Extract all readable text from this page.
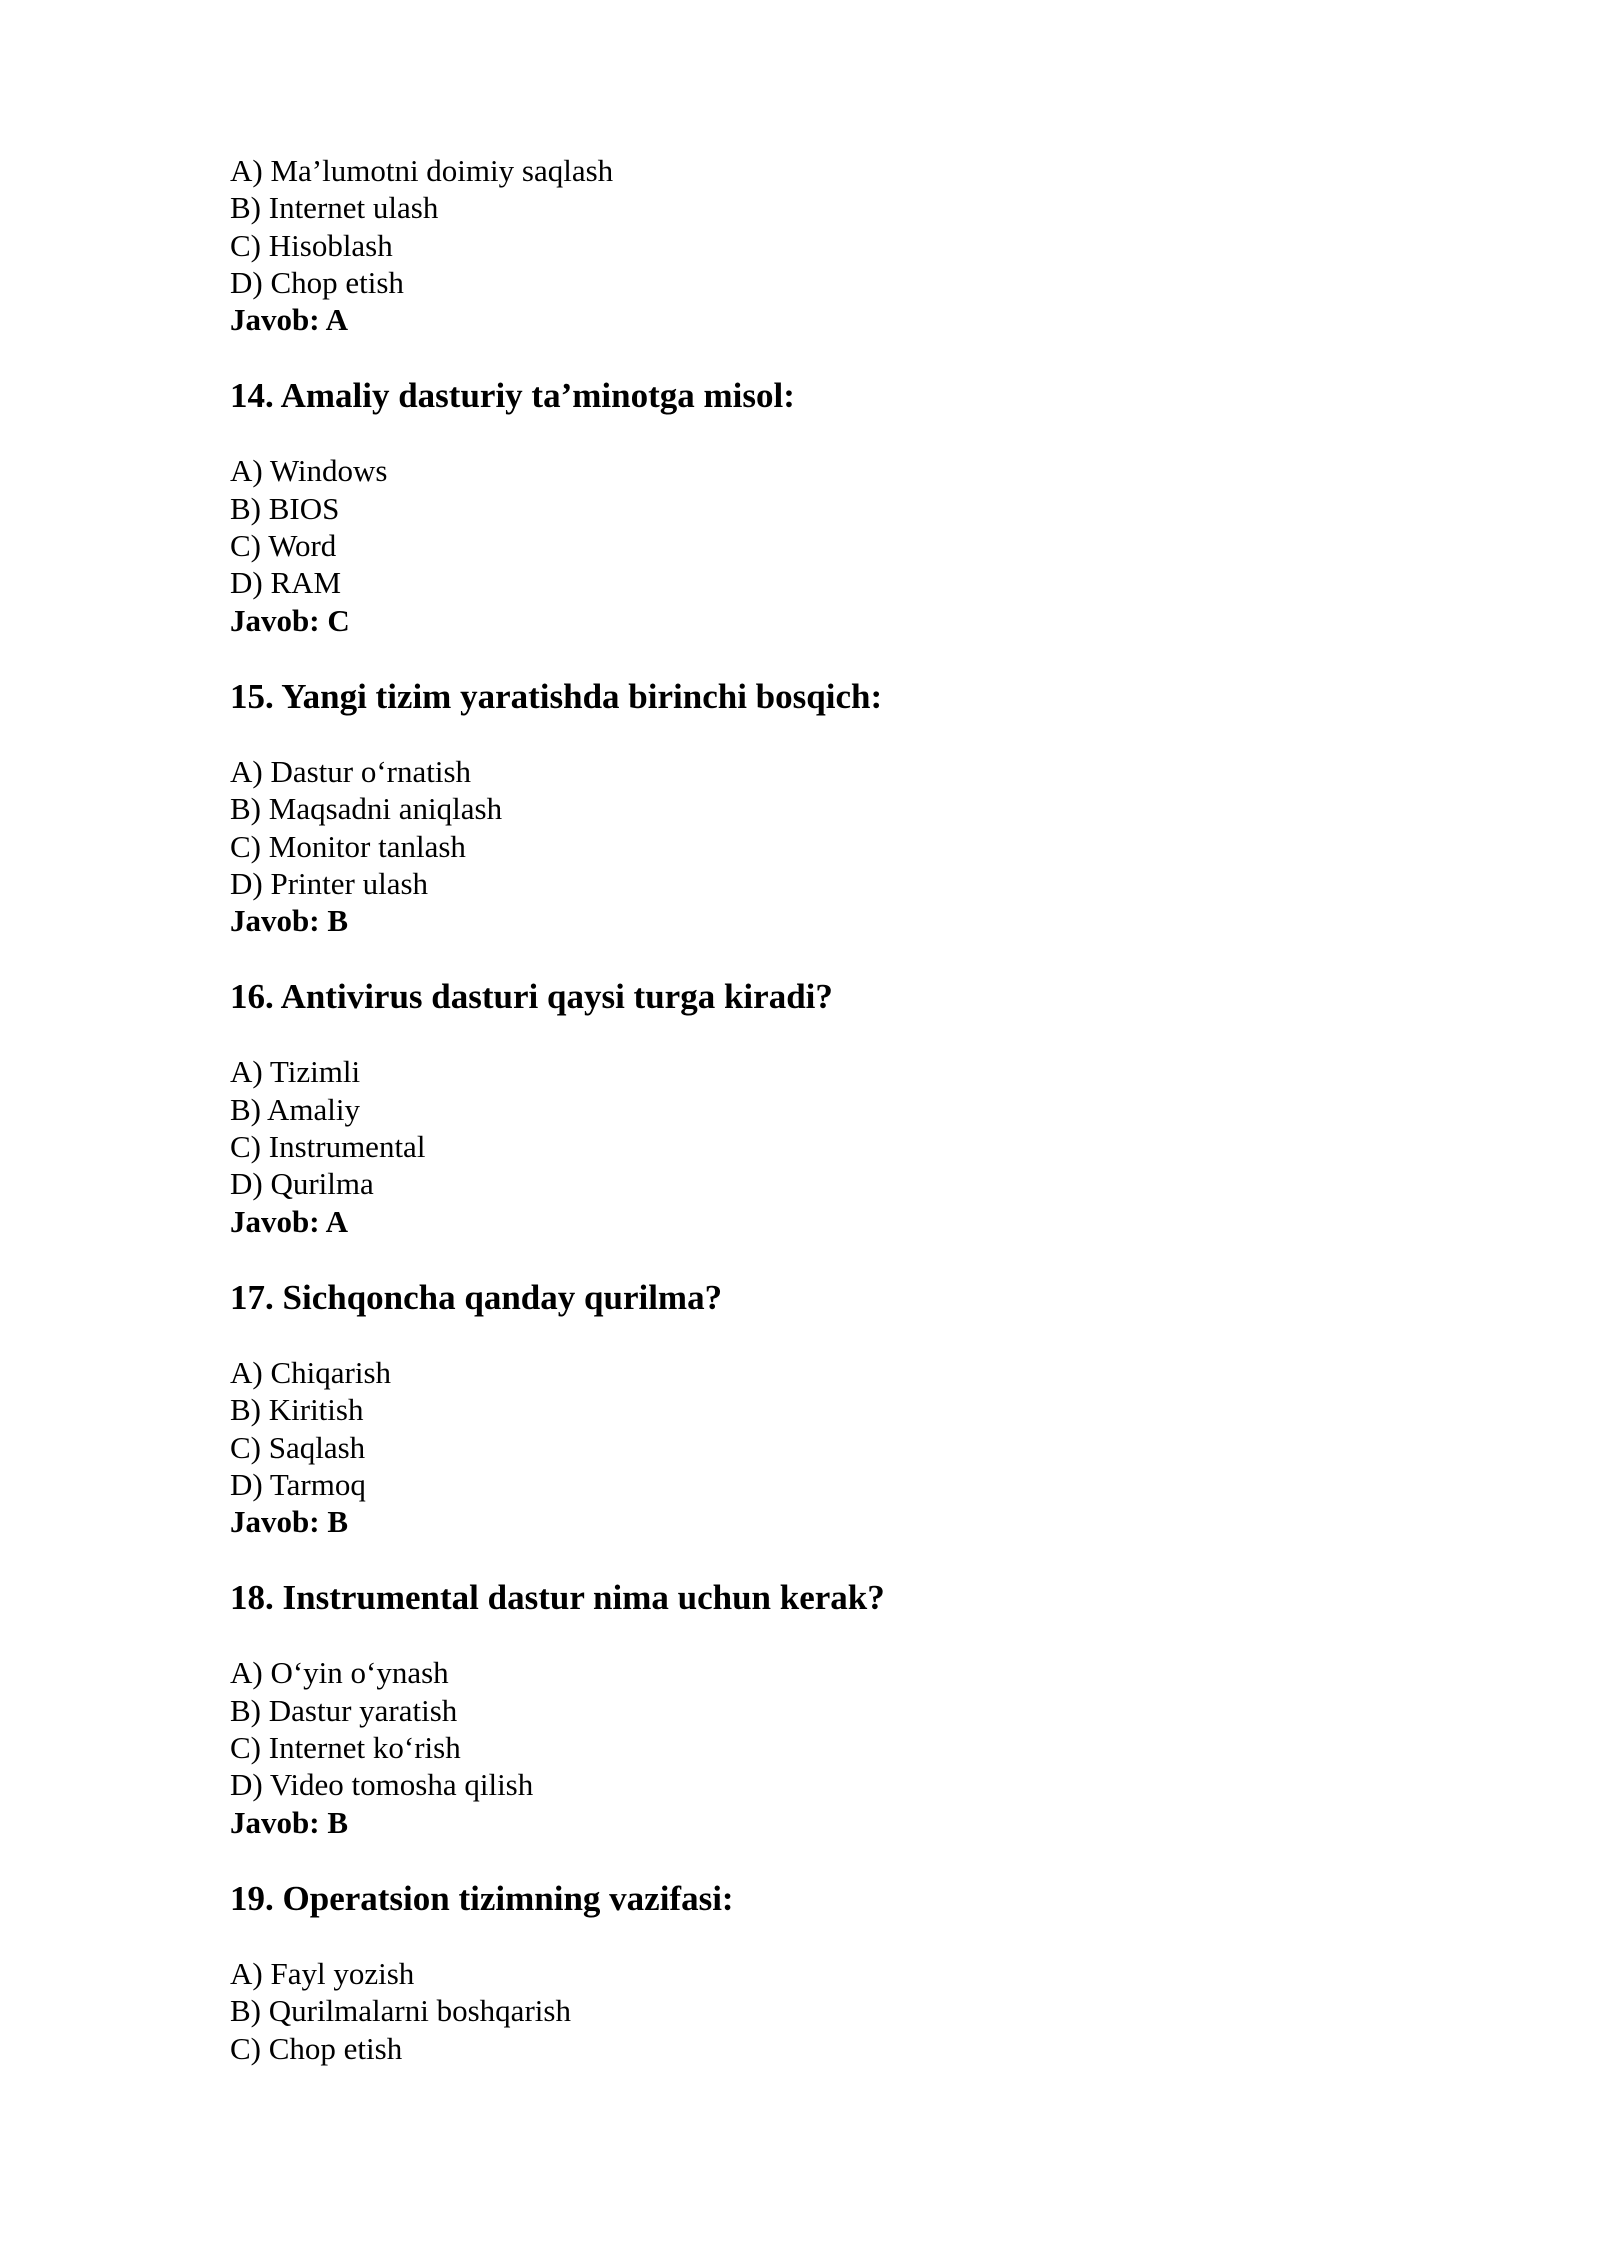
A) Ma’lumotni doimiy saqlash
B) Internet ulash
C) Hisoblash
D) Chop etish
Javob: A
14. Amaliy dasturiy ta’minotga misol:
A) Windows
B) BIOS
C) Word
D) RAM
Javob: C
15. Yangi tizim yaratishda birinchi bosqich:
A) Dastur o‘rnatish
B) Maqsadni aniqlash
C) Monitor tanlash
D) Printer ulash
Javob: B
16. Antivirus dasturi qaysi turga kiradi?
A) Tizimli
B) Amaliy
C) Instrumental
D) Qurilma
Javob: A
17. Sichqoncha qanday qurilma?
A) Chiqarish
B) Kiritish
C) Saqlash
D) Tarmoq
Javob: B
18. Instrumental dastur nima uchun kerak?
A) O‘yin o‘ynash
B) Dastur yaratish
C) Internet ko‘rish
D) Video tomosha qilish
Javob: B
19. Operatsion tizimning vazifasi:
A) Fayl yozish
B) Qurilmalarni boshqarish
C) Chop etish
